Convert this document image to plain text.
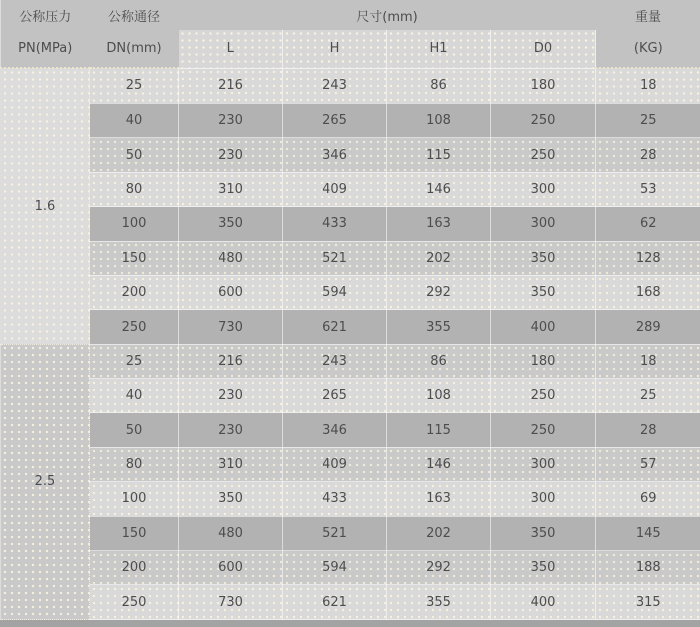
公称压力	公称通径	尺寸(mm)				重量
PN(MPa)	DN(mm)	L	H	H1	D0	(KG)
1.6	25	216	243	86	180	18
	40	230	265	108	250	25
	50	230	346	115	250	28
	80	310	409	146	300	53
	100	350	433	163	300	62
	150	480	521	202	350	128
	200	600	594	292	350	168
	250	730	621	355	400	289
2.5	25	216	243	86	180	18
	40	230	265	108	250	25
	50	230	346	115	250	28
	80	310	409	146	300	57
	100	350	433	163	300	69
	150	480	521	202	350	145
	200	600	594	292	350	188
	250	730	621	355	400	315
